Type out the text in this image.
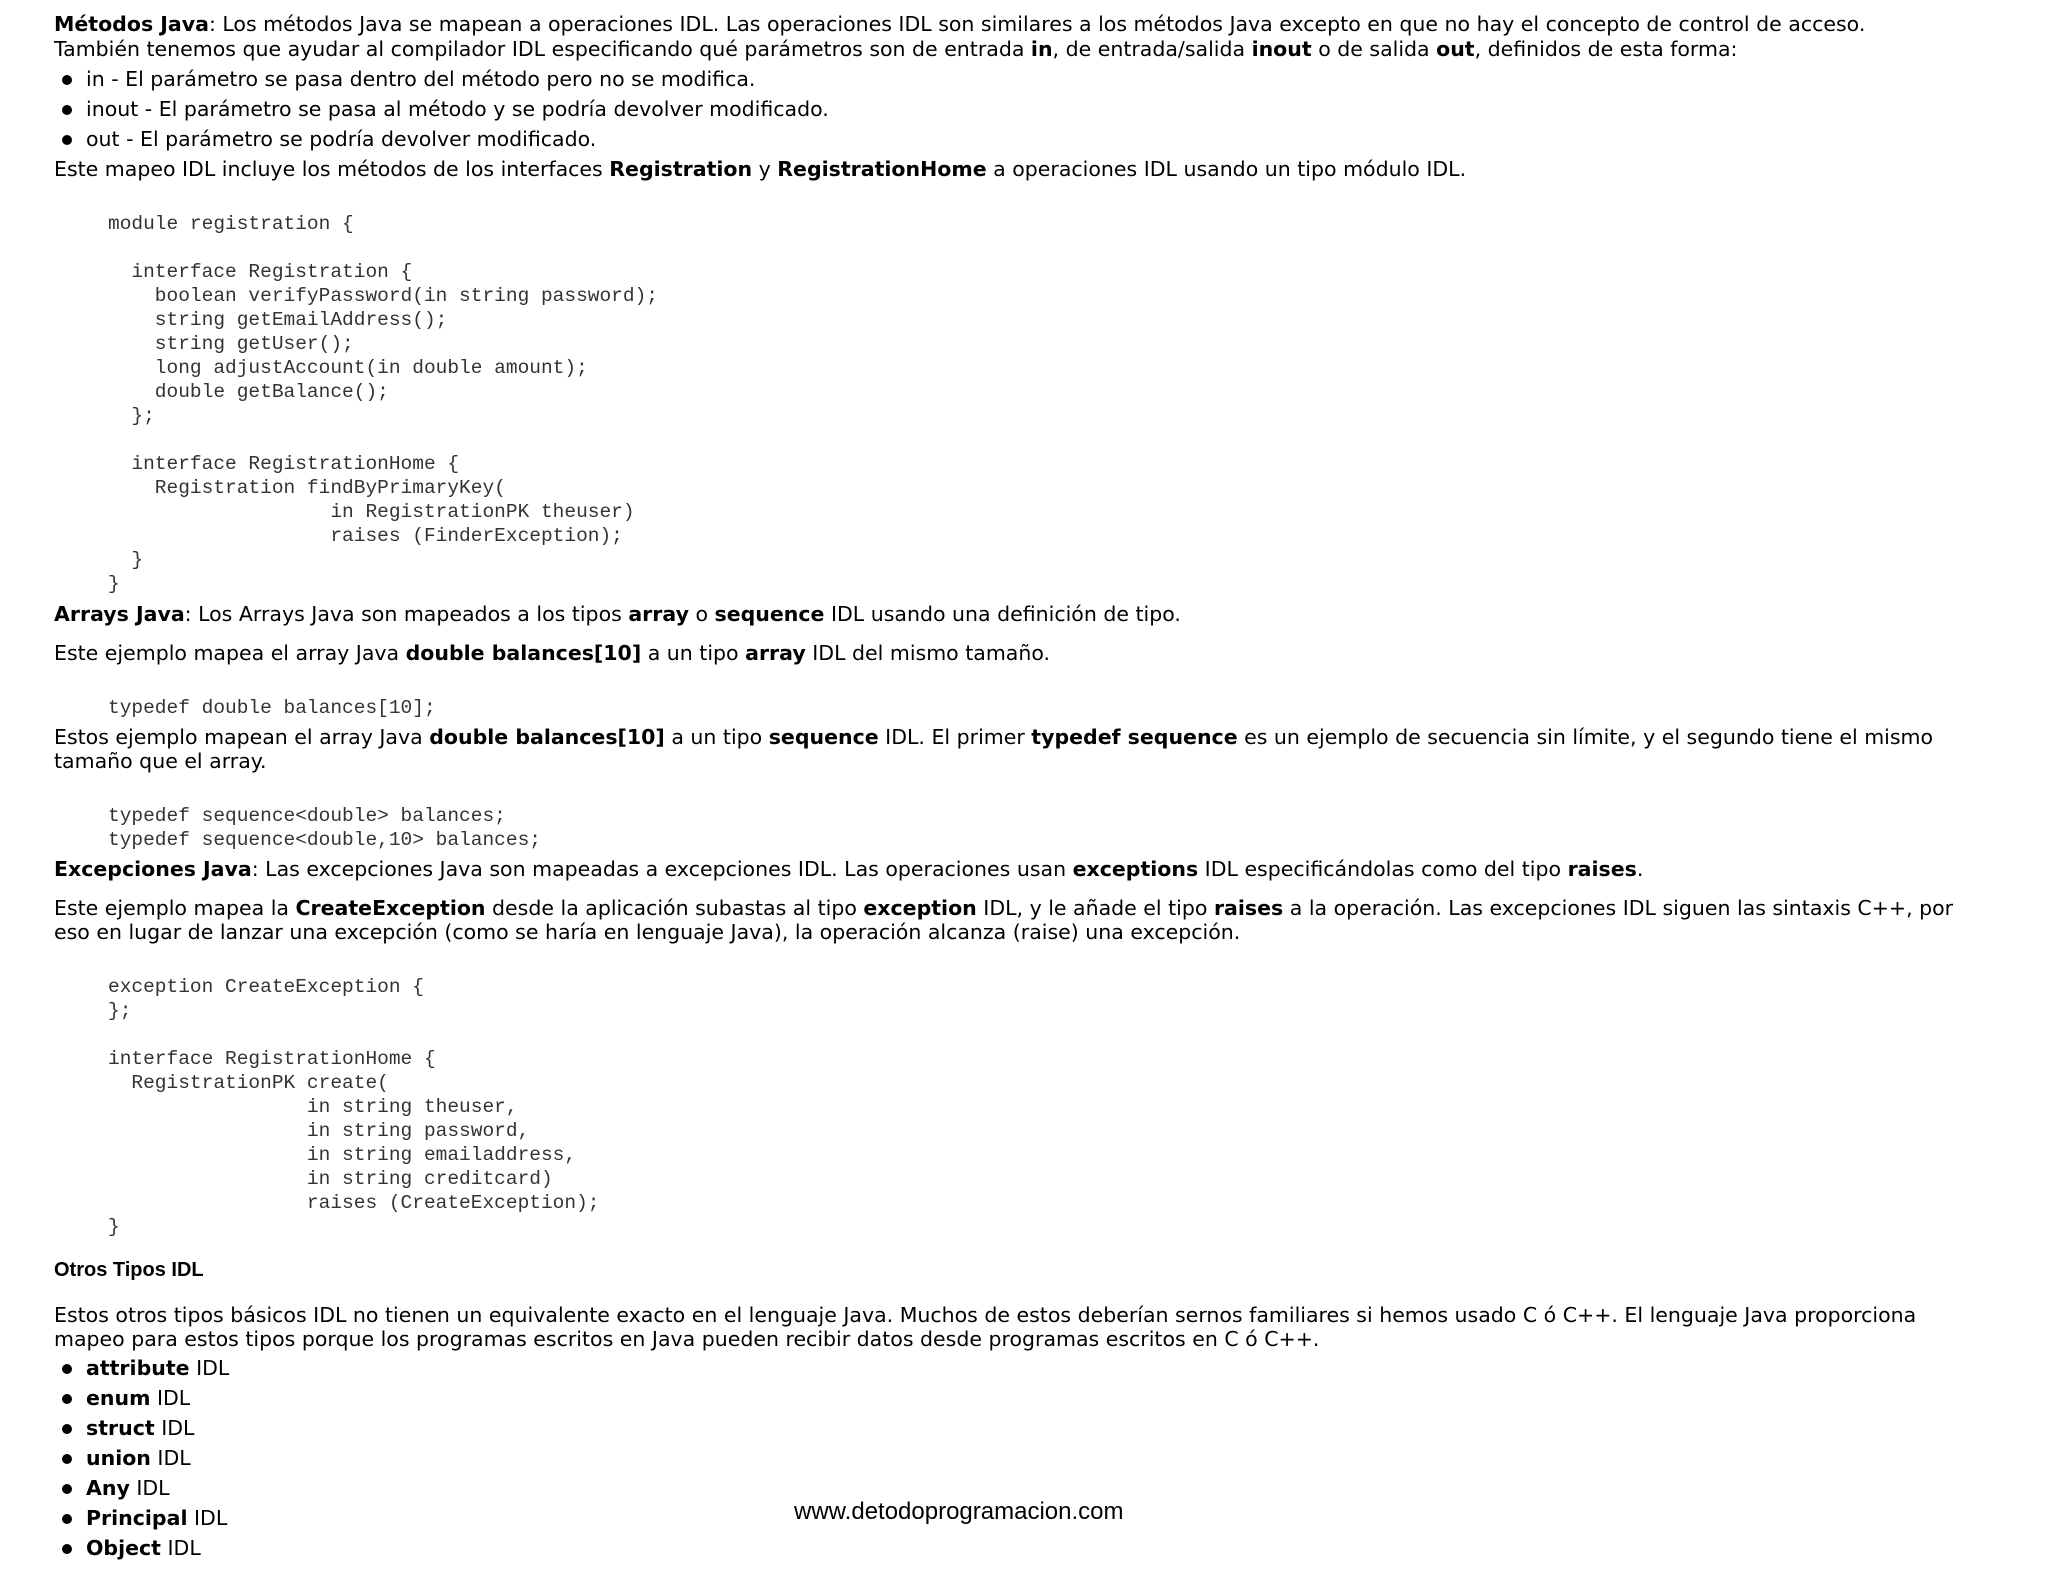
Métodos Java: Los métodos Java se mapean a operaciones IDL. Las operaciones IDL son similares a los métodos Java excepto en que no hay el concepto de control de acceso.
También tenemos que ayudar al compilador IDL especificando qué parámetros son de entrada in, de entrada/salida inout o de salida out, definidos de esta forma:
in - El parámetro se pasa dentro del método pero no se modifica.
inout - El parámetro se pasa al método y se podría devolver modificado.
out - El parámetro se podría devolver modificado.
Este mapeo IDL incluye los métodos de los interfaces Registration y RegistrationHome a operaciones IDL usando un tipo módulo IDL.
module registration {

interface Registration {
boolean verifyPassword(in string password);
string getEmailAddress();
string getUser();
long adjustAccount(in double amount);
double getBalance();
};

interface RegistrationHome {
Registration findByPrimaryKey(
in RegistrationPK theuser)
raises (FinderException);
}
}
Arrays Java: Los Arrays Java son mapeados a los tipos array o sequence IDL usando una definición de tipo.
Este ejemplo mapea el array Java double balances[10] a un tipo array IDL del mismo tamaño.
typedef double balances[10];
Estos ejemplo mapean el array Java double balances[10] a un tipo sequence IDL. El primer typedef sequence es un ejemplo de secuencia sin límite, y el segundo tiene el mismo
tamaño que el array.
typedef sequence<double> balances;
typedef sequence<double,10> balances;
Excepciones Java: Las excepciones Java son mapeadas a excepciones IDL. Las operaciones usan exceptions IDL especificándolas como del tipo raises.
Este ejemplo mapea la CreateException desde la aplicación subastas al tipo exception IDL, y le añade el tipo raises a la operación. Las excepciones IDL siguen las sintaxis C++, por
eso en lugar de lanzar una excepción (como se haría en lenguaje Java), la operación alcanza (raise) una excepción.
exception CreateException {
};

interface RegistrationHome {
RegistrationPK create(
in string theuser,
in string password,
in string emailaddress,
in string creditcard)
raises (CreateException);
}
Otros Tipos IDL
Estos otros tipos básicos IDL no tienen un equivalente exacto en el lenguaje Java. Muchos de estos deberían sernos familiares si hemos usado C ó C++. El lenguaje Java proporciona
mapeo para estos tipos porque los programas escritos en Java pueden recibir datos desde programas escritos en C ó C++.
attribute IDL
enum IDL
struct IDL
union IDL
Any IDL
Principal IDL
Object IDL
www.detodoprogramacion.com
